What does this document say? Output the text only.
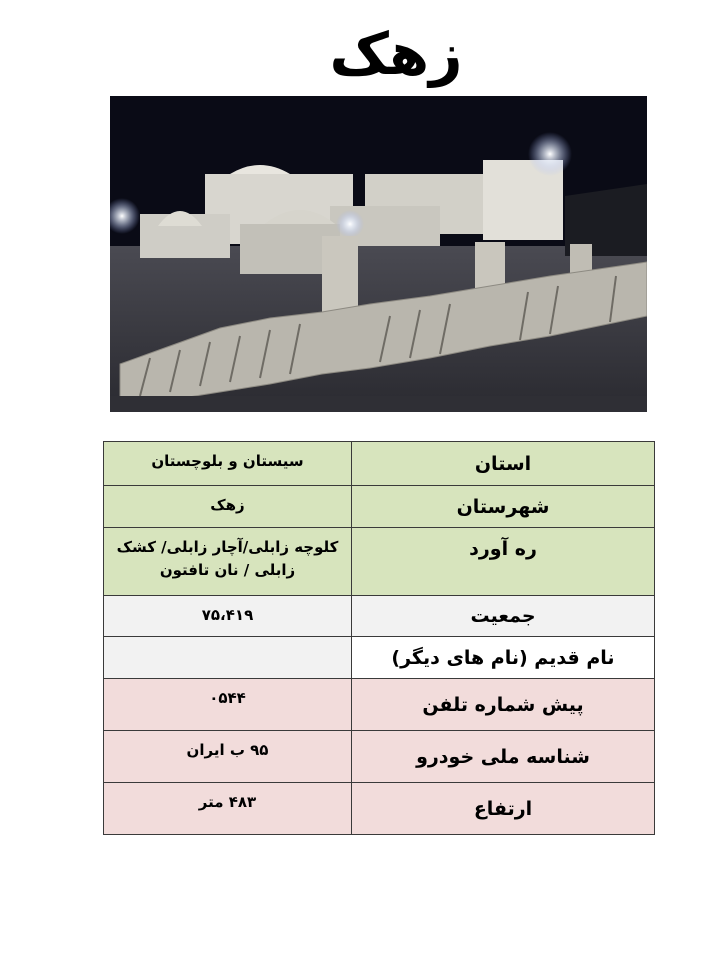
زهک
استان	سیستان و بلوچستان
شهرستان	زهک
ره آورد	کلوچه زابلی/آچار زابلی/ کشک زابلی / نان تافتون
جمعیت	۷۵،۴۱۹
نام قدیم (نام های دیگر)	
پیش شماره تلفن	۰۵۴۴
شناسه ملی خودرو	۹۵ ب ایران
ارتفاع	۴۸۳ متر
